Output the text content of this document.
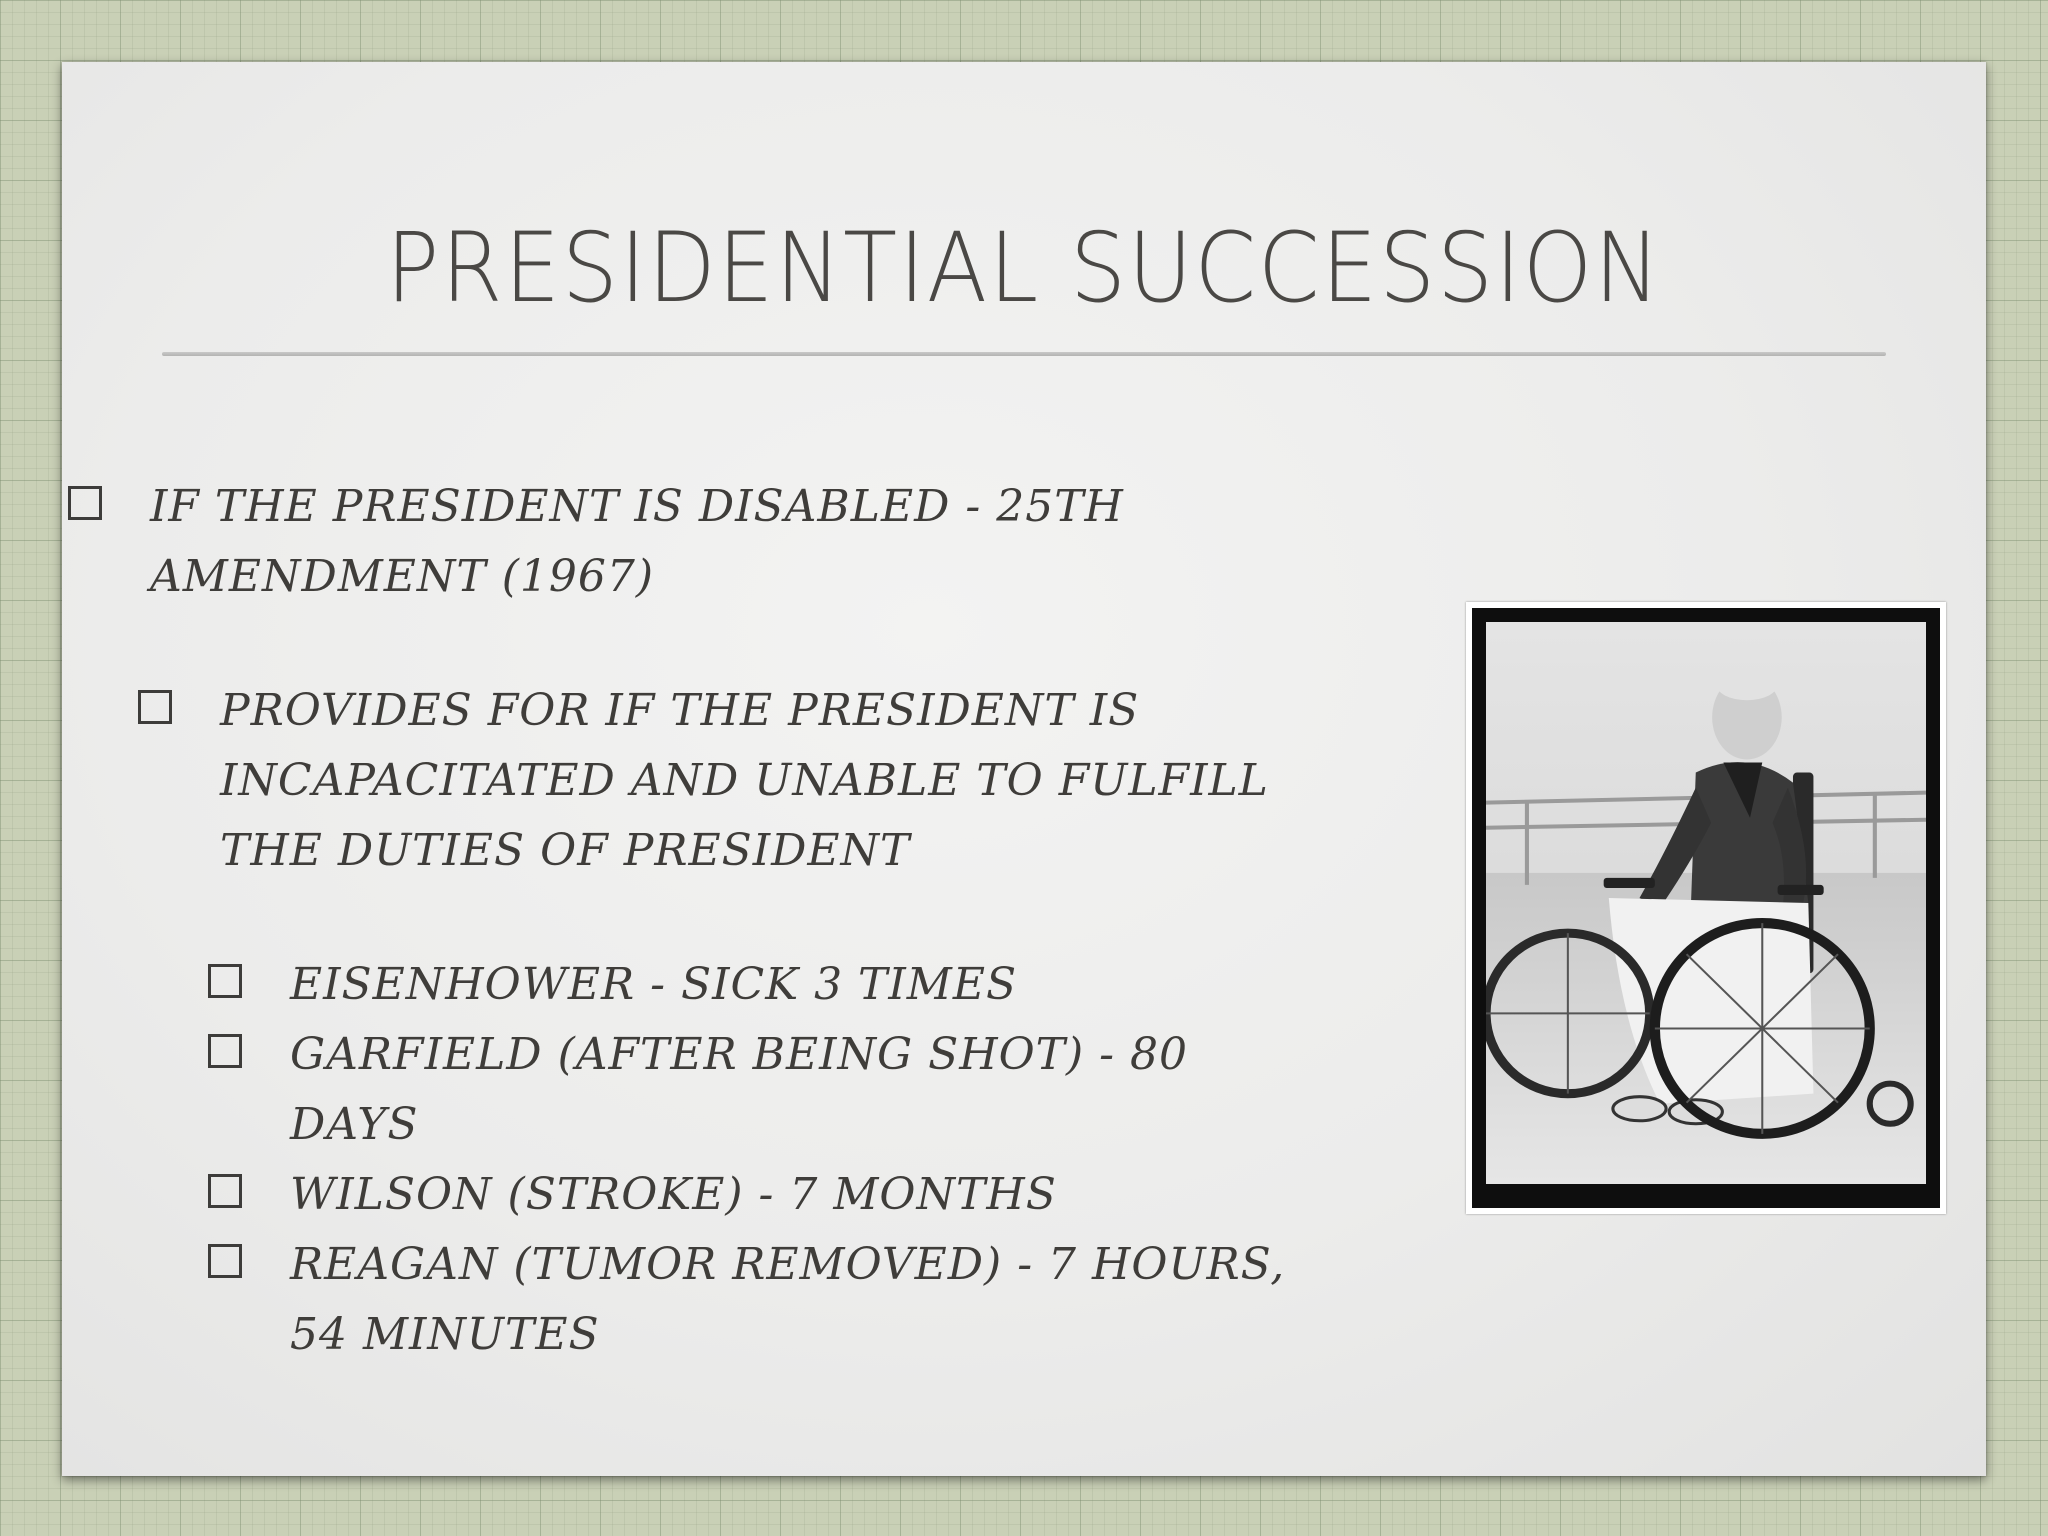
PRESIDENTIAL SUCCESSION
IF THE PRESIDENT IS DISABLED - 25TH
AMENDMENT (1967)
PROVIDES FOR IF THE PRESIDENT IS
INCAPACITATED AND UNABLE TO FULFILL
THE DUTIES OF PRESIDENT
EISENHOWER - SICK 3 TIMES
GARFIELD (AFTER BEING SHOT) - 80
DAYS
WILSON (STROKE) - 7 MONTHS
REAGAN (TUMOR REMOVED) - 7 HOURS,
54 MINUTES
